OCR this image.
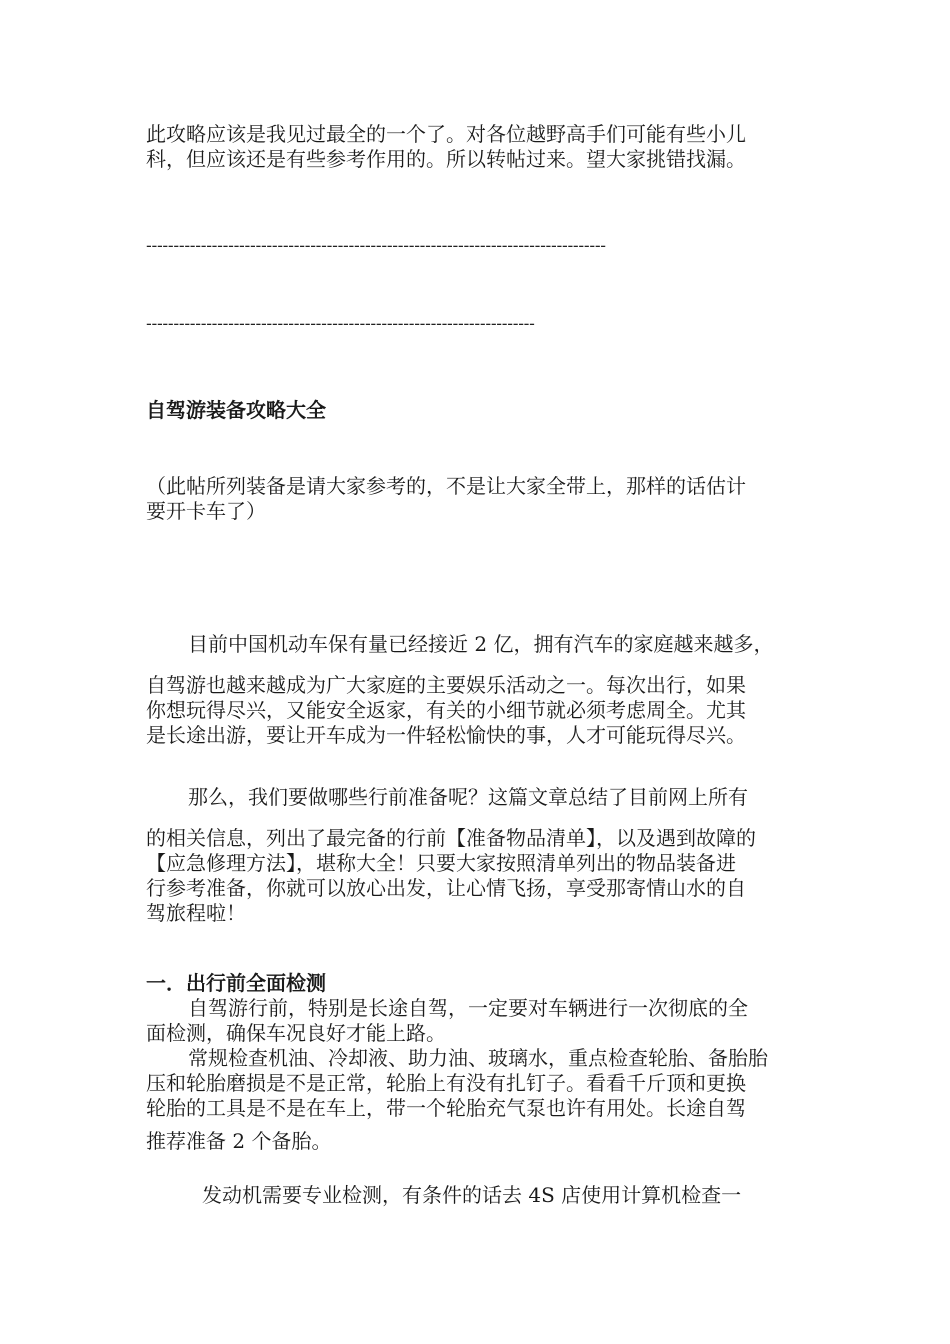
此攻略应该是我见过最全的一个了。对各位越野高手们可能有些小儿
科，但应该还是有些参考作用的。所以转帖过来。望大家挑错找漏。
------------------------------------------------------------------------------------
-----------------------------------------------------------------------
自驾游装备攻略大全
（此帖所列装备是请大家参考的，不是让大家全带上，那样的话估计
要开卡车了）
目前中国机动车保有量已经接近 2 亿，拥有汽车的家庭越来越多，
自驾游也越来越成为广大家庭的主要娱乐活动之一。每次出行，如果
你想玩得尽兴，又能安全返家，有关的小细节就必须考虑周全。尤其
是长途出游，要让开车成为一件轻松愉快的事，人才可能玩得尽兴。
那么，我们要做哪些行前准备呢？这篇文章总结了目前网上所有
的相关信息，列出了最完备的行前【准备物品清单】，以及遇到故障的
【应急修理方法】，堪称大全！只要大家按照清单列出的物品装备进
行参考准备，你就可以放心出发，让心情飞扬，享受那寄情山水的自
驾旅程啦！
一．出行前全面检测
自驾游行前，特别是长途自驾，一定要对车辆进行一次彻底的全
面检测，确保车况良好才能上路。
常规检查机油、冷却液、助力油、玻璃水，重点检查轮胎、备胎胎
压和轮胎磨损是不是正常，轮胎上有没有扎钉子。看看千斤顶和更换
轮胎的工具是不是在车上，带一个轮胎充气泵也许有用处。长途自驾
推荐准备 2 个备胎。
发动机需要专业检测，有条件的话去 4S 店使用计算机检查一
